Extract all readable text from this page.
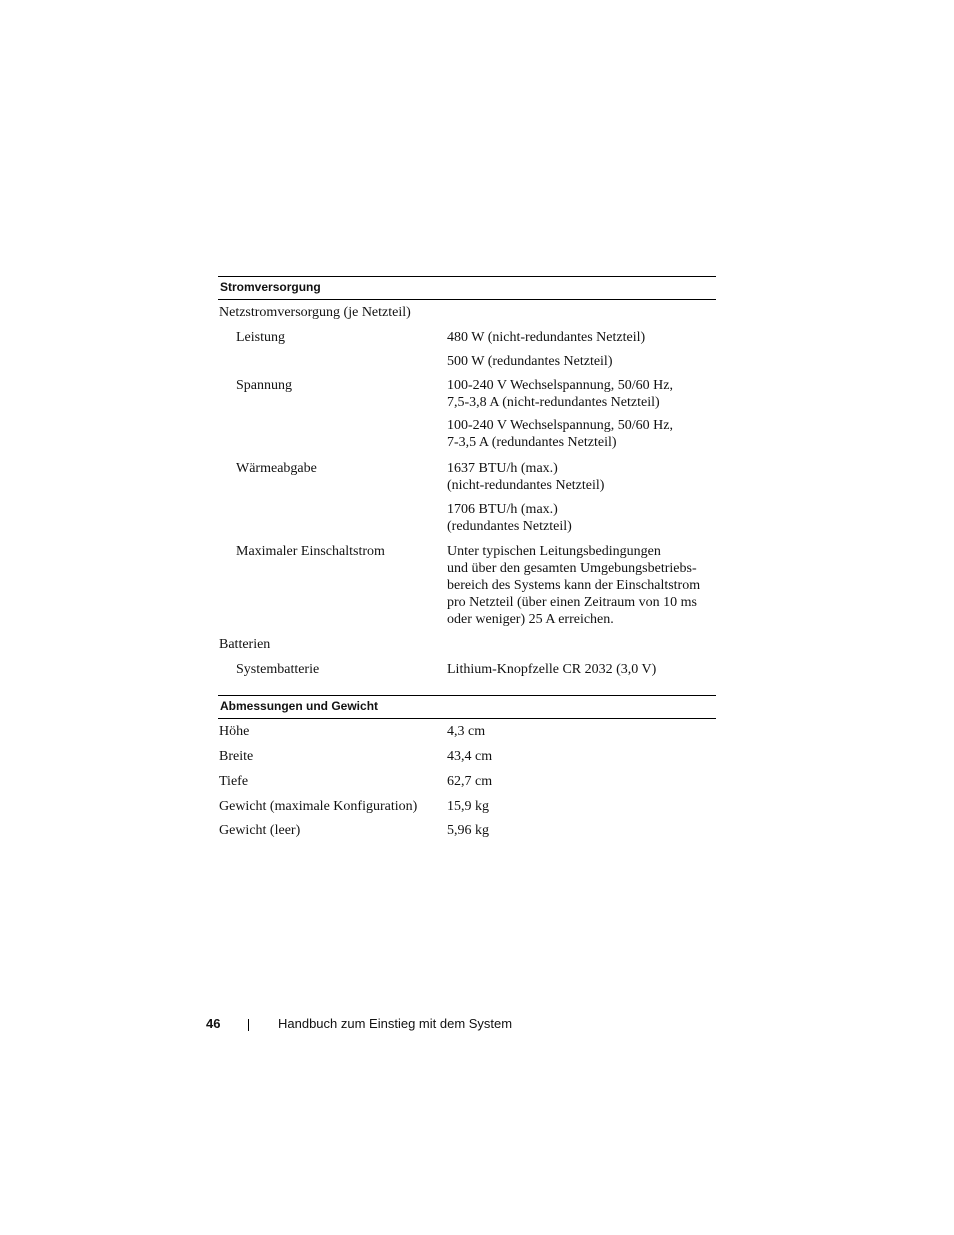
Stromversorgung
Netzstromversorgung (je Netzteil)
Leistung	480 W (nicht-redundantes Netzteil)
500 W (redundantes Netzteil)
Spannung	100-240 V Wechselspannung, 50/60 Hz,
7,5-3,8 A (nicht-redundantes Netzteil)
100-240 V Wechselspannung, 50/60 Hz,
7-3,5 A (redundantes Netzteil)
Wärmeabgabe	1637 BTU/h (max.)
(nicht-redundantes Netzteil)
1706 BTU/h (max.)
(redundantes Netzteil)
Maximaler Einschaltstrom	Unter typischen Leitungsbedingungen
und über den gesamten Umgebungsbetriebs-
bereich des Systems kann der Einschaltstrom
pro Netzteil (über einen Zeitraum von 10 ms
oder weniger) 25 A erreichen.
Batterien
Systembatterie	Lithium-Knopfzelle CR 2032 (3,0 V)
Abmessungen und Gewicht
Höhe	4,3 cm
Breite	43,4 cm
Tiefe	62,7 cm
Gewicht (maximale Konfiguration) 15,9 kg
Gewicht (leer)	5,96 kg
46	Handbuch zum Einstieg mit dem System
